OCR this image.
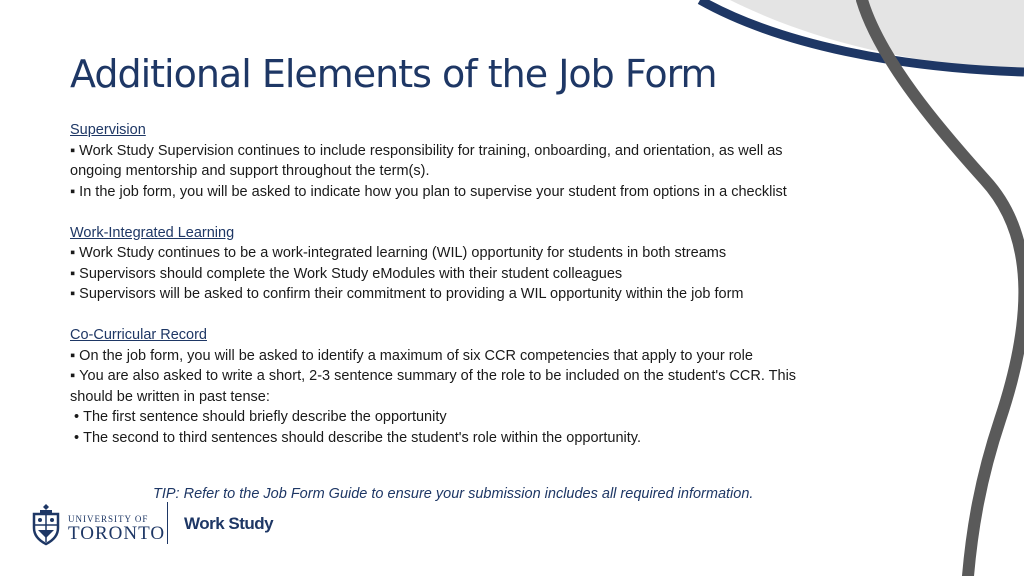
Additional Elements of the Job Form
Supervision
▪ Work Study Supervision continues to include responsibility for training, onboarding, and orientation, as well as
ongoing mentorship and support throughout the term(s).
▪ In the job form, you will be asked to indicate how you plan to supervise your student from options in a checklist
Work-Integrated Learning
▪ Work Study continues to be a work-integrated learning (WIL) opportunity for students in both streams
▪ Supervisors should complete the Work Study eModules with their student colleagues
▪ Supervisors will be asked to confirm their commitment to providing a WIL opportunity within the job form
Co-Curricular Record
▪ On the job form, you will be asked to identify a maximum of six CCR competencies that apply to your role
▪ You are also asked to write a short, 2-3 sentence summary of the role to be included on the student's CCR. This
should be written in past tense:
• The first sentence should briefly describe the opportunity
• The second to third sentences should describe the student's role within the opportunity.
TIP: Refer to the Job Form Guide to ensure your submission includes all required information.
UNIVERSITY OF
TORONTO Work Study
